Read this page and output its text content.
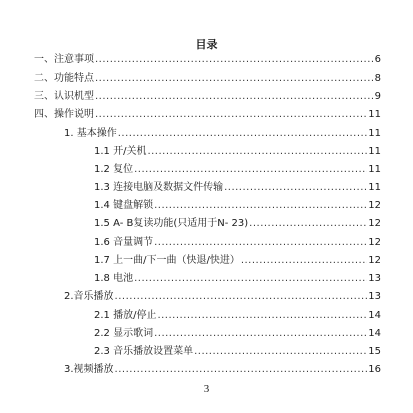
目录
一、注意事项 .....	6
二、功能特点 .....	8
三、认识机型 .....	9
四、操作说明 .....	11
1. 基本操作 .....	11
1.1 开/关机 .....	11
1.2 复位 .....	11
1.3 连接电脑及数据文件传输 .....	11
1.4 键盘解锁 .....	12
1.5 A- B复读功能(只适用于N- 23) .....	12
1.6 音量调节 .....	12
1.7 上一曲/下一曲（快退/快进） .....	12
1.8 电池 .....	13
2.音乐播放 .....	13
2.1 播放/停止 .....	14
2.2 显示歌词 .....	14
2.3 音乐播放设置菜单 .....	15
3.视频播放 .....	16
3
